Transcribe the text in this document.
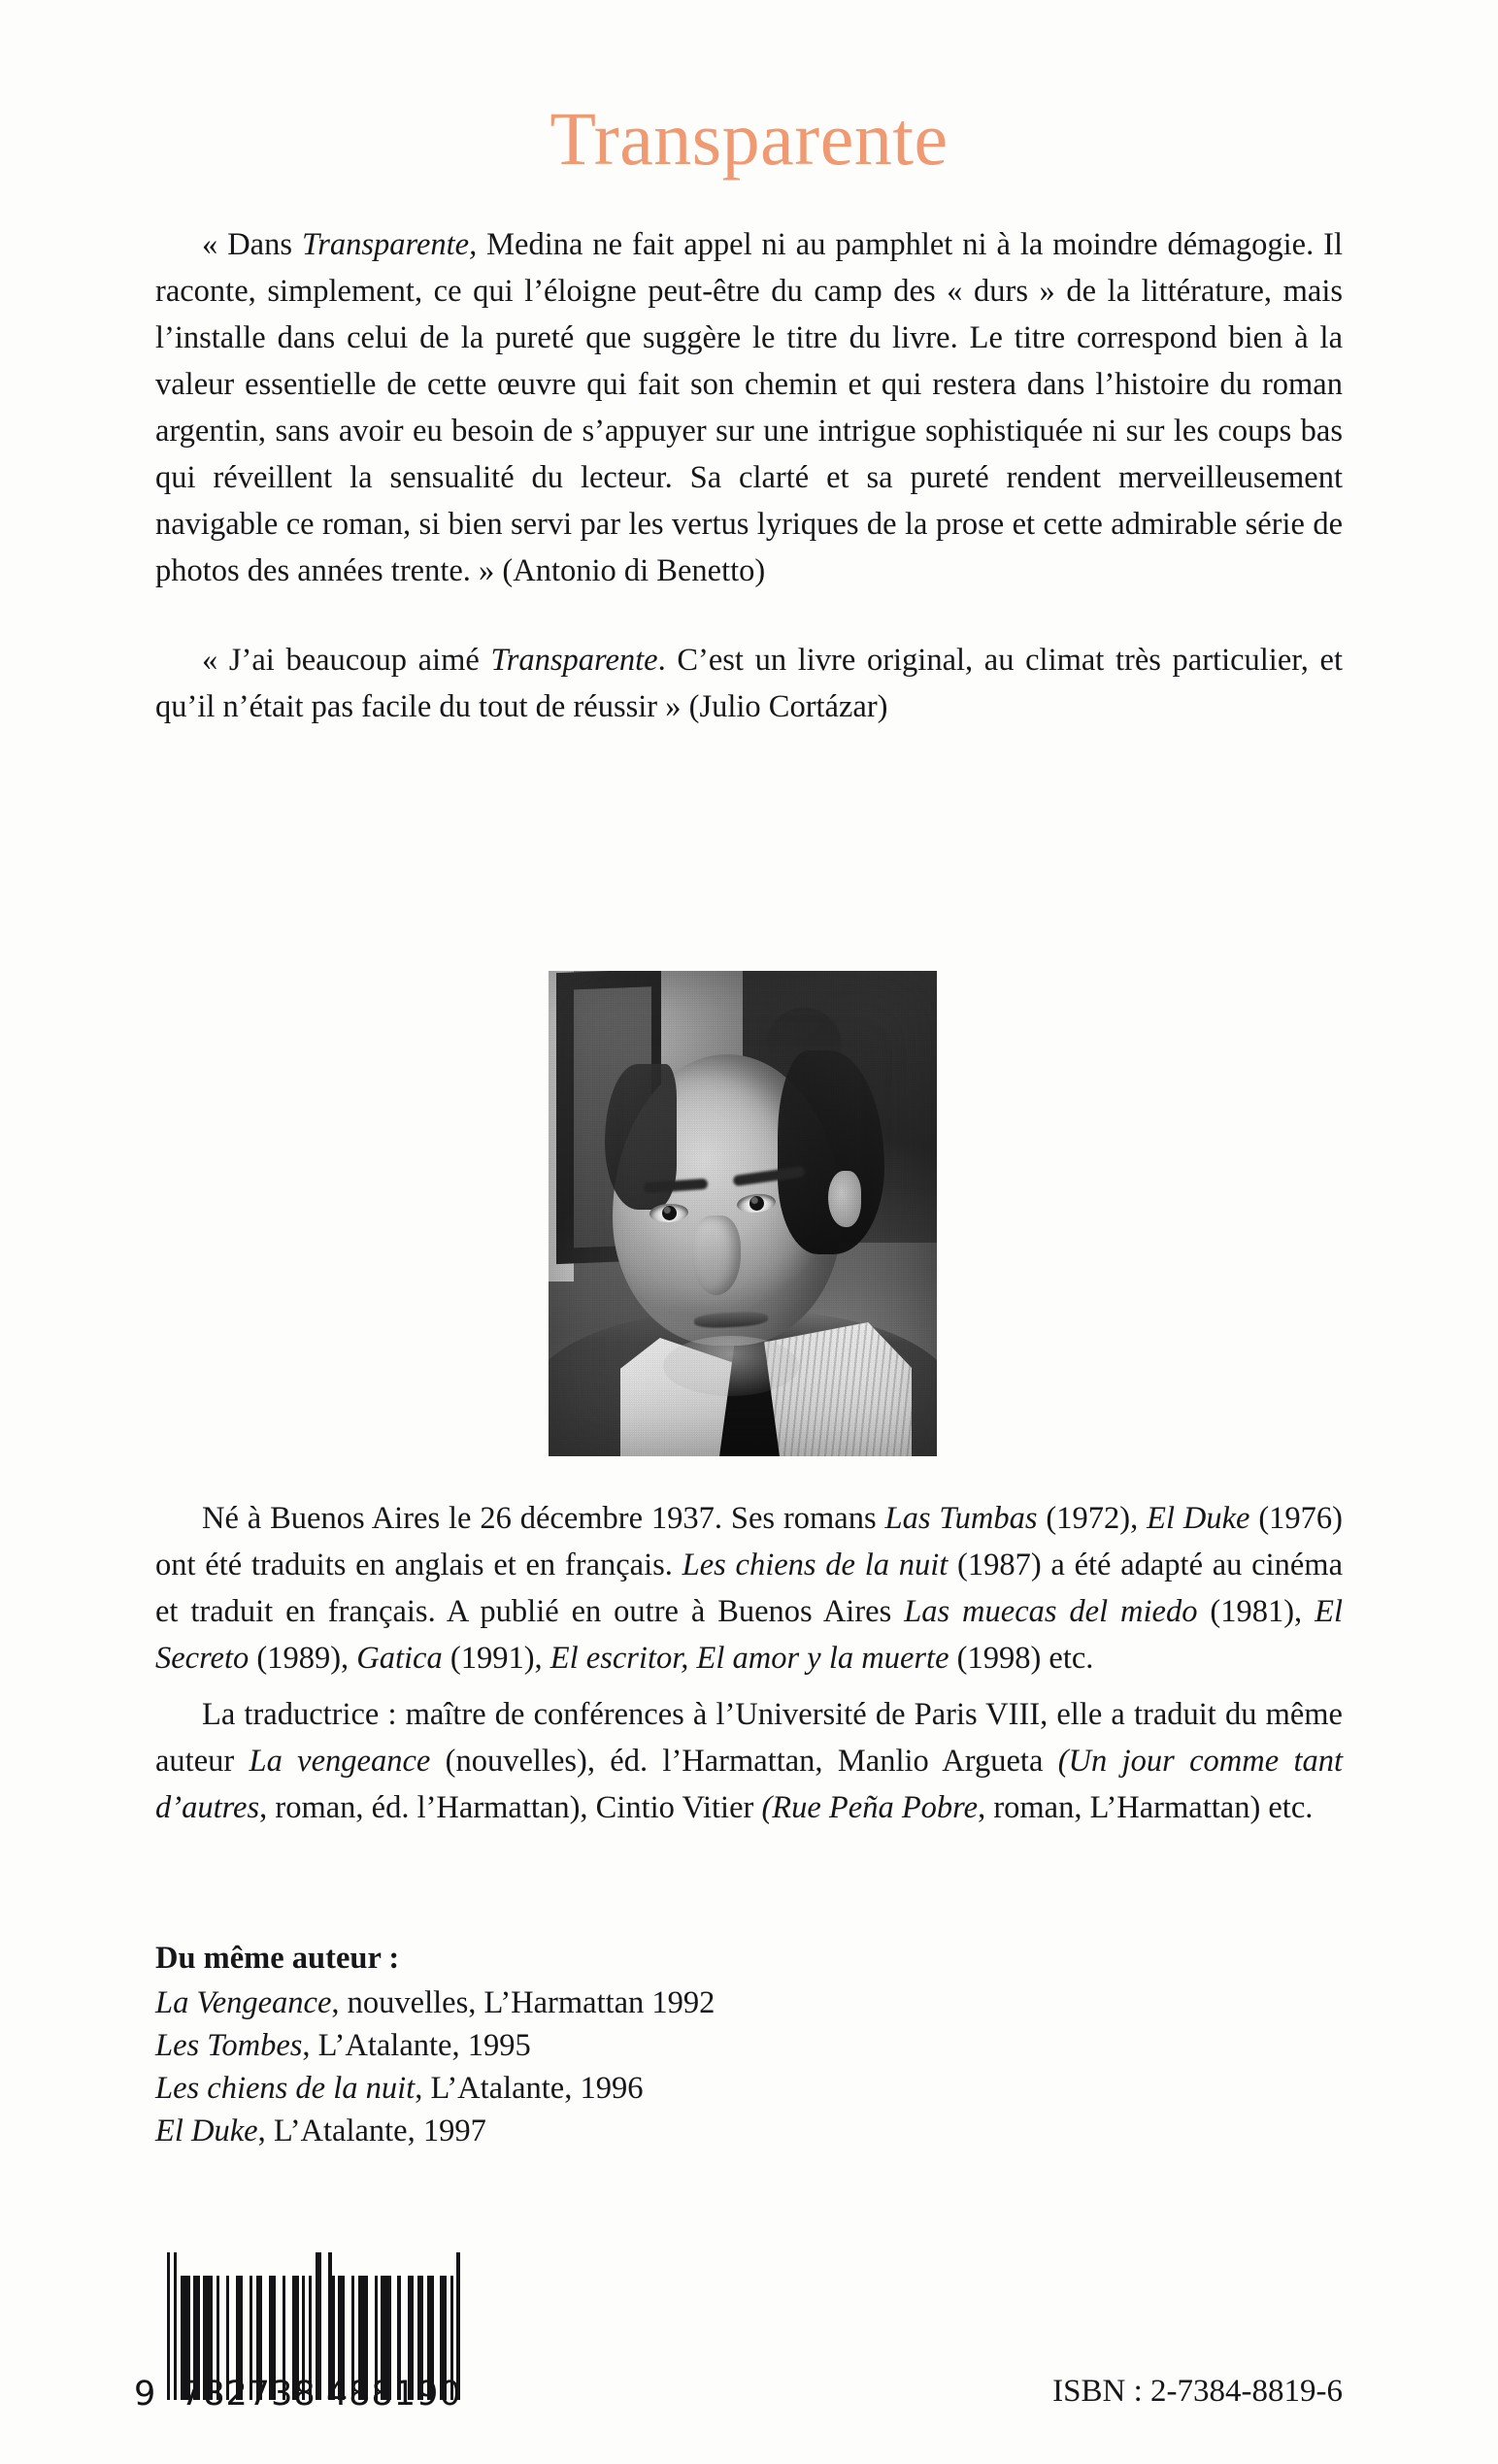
Transparente

« Dans Transparente, Medina ne fait appel ni au pamphlet ni à la moindre démagogie. Il raconte, simplement, ce qui l’éloigne peut-être du camp des « durs » de la littérature, mais l’installe dans celui de la pureté que suggère le titre du livre. Le titre correspond bien à la valeur essentielle de cette œuvre qui fait son chemin et qui restera dans l’histoire du roman argentin, sans avoir eu besoin de s’appuyer sur une intrigue sophistiquée ni sur les coups bas qui réveillent la sensualité du lecteur. Sa clarté et sa pureté rendent merveilleusement navigable ce roman, si bien servi par les vertus lyriques de la prose et cette admirable série de photos des années trente. » (Antonio di Benetto)

« J’ai beaucoup aimé Transparente. C’est un livre original, au climat très particulier, et qu’il n’était pas facile du tout de réussir » (Julio Cortázar)

Né à Buenos Aires le 26 décembre 1937. Ses romans Las Tumbas (1972), El Duke (1976) ont été traduits en anglais et en français. Les chiens de la nuit (1987) a été adapté au cinéma et traduit en français. A publié en outre à Buenos Aires Las muecas del miedo (1981), El Secreto (1989), Gatica (1991), El escritor, El amor y la muerte (1998) etc.

La traductrice : maître de conférences à l’Université de Paris VIII, elle a traduit du même auteur La vengeance (nouvelles), éd. l’Harmattan, Manlio Argueta (Un jour comme tant d’autres, roman, éd. l’Harmattan), Cintio Vitier (Rue Peña Pobre, roman, L’Harmattan) etc.

Du même auteur :

La Vengeance, nouvelles, L’Harmattan 1992
Les Tombes, L’Atalante, 1995
Les chiens de la nuit, L’Atalante, 1996
El Duke, L’Atalante, 1997
9 782738 488190	ISBN : 2-7384-8819-6
